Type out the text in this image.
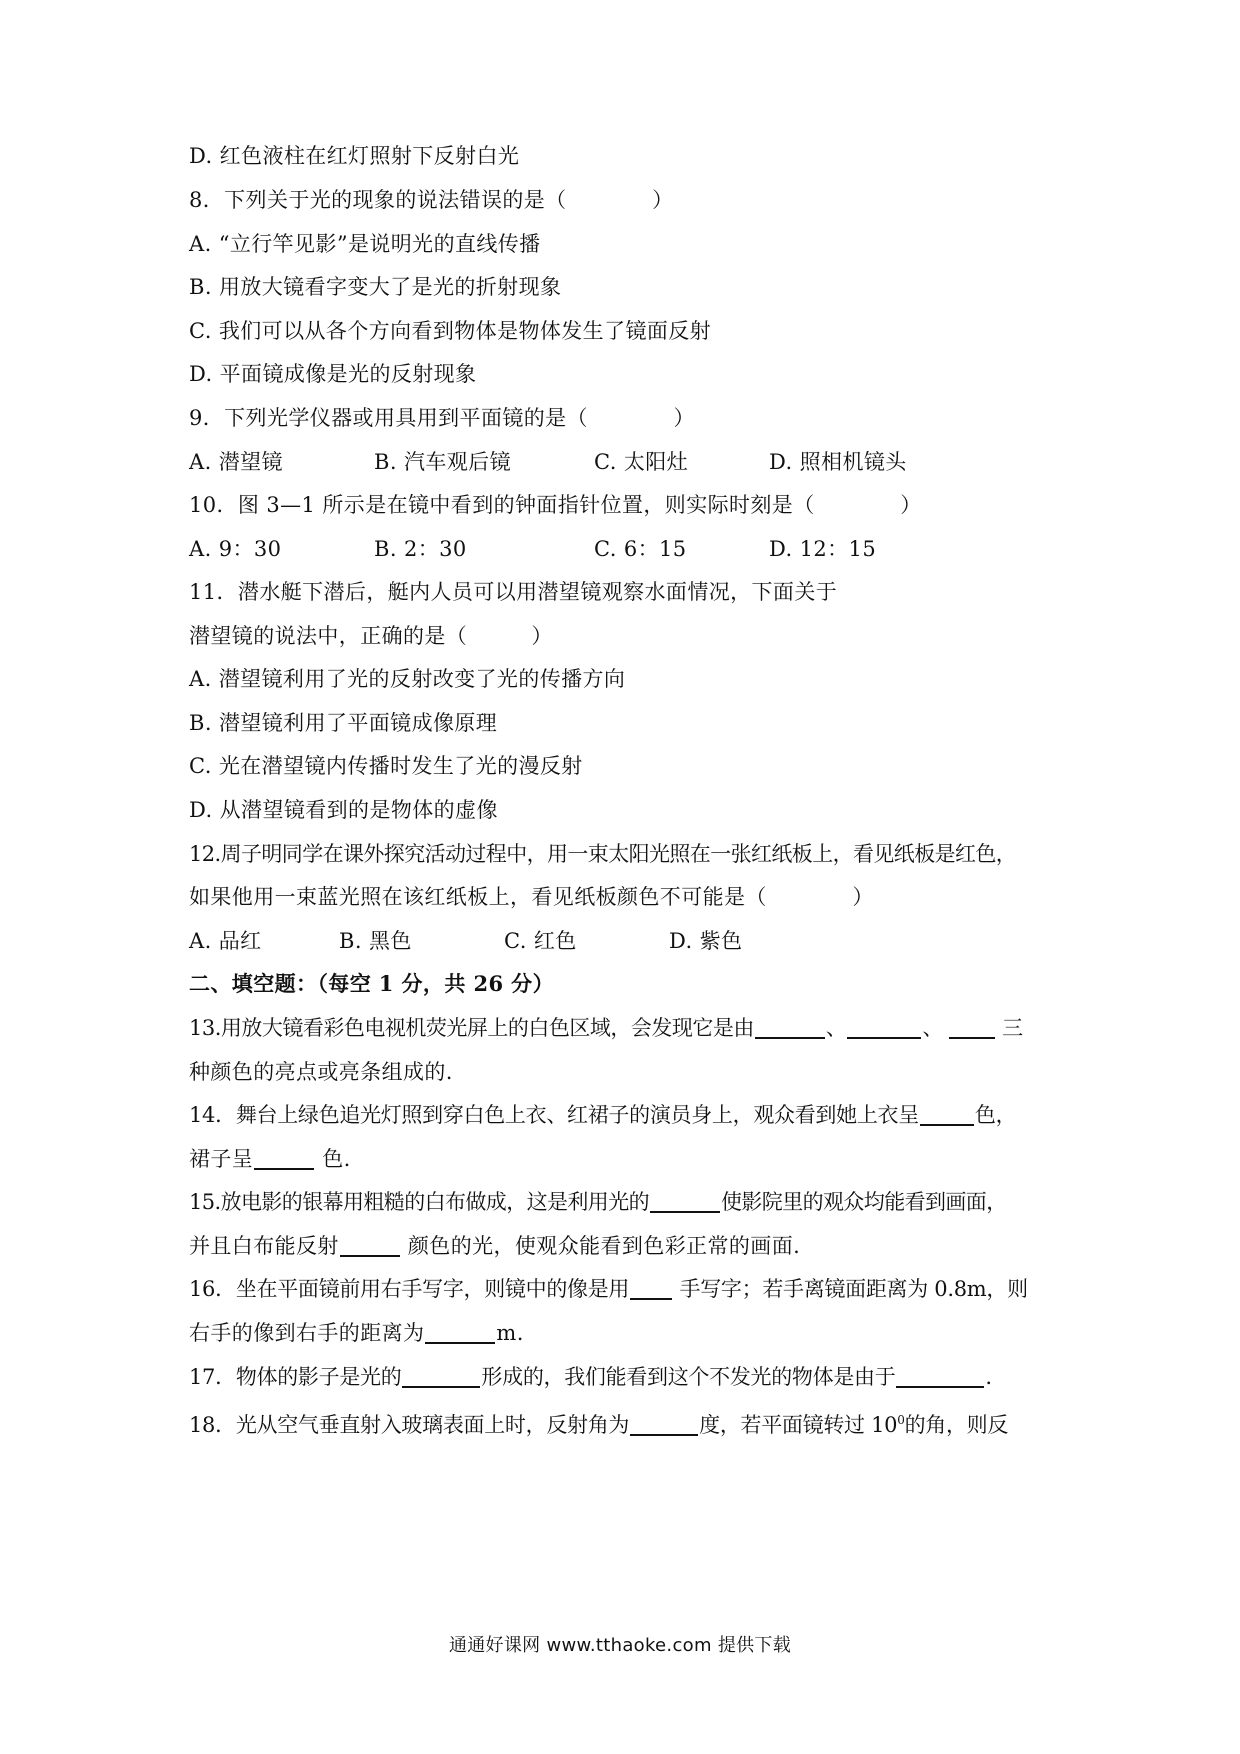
D. 红色液柱在红灯照射下反射白光
8．下列关于光的现象的说法错误的是（　　　　）
A. “立行竿见影”是说明光的直线传播
B. 用放大镜看字变大了是光的折射现象
C. 我们可以从各个方向看到物体是物体发生了镜面反射
D. 平面镜成像是光的反射现象
9．下列光学仪器或用具用到平面镜的是（　　　　）
A. 潜望镜	B. 汽车观后镜	C. 太阳灶	D. 照相机镜头
10．图 3—1 所示是在镜中看到的钟面指针位置，则实际时刻是（　　　　）
A. 9：30	B. 2：30	C. 6：15	D. 12：15
11．潜水艇下潜后，艇内人员可以用潜望镜观察水面情况，下面关于
潜望镜的说法中，正确的是（　　　）
A. 潜望镜利用了光的反射改变了光的传播方向
B. 潜望镜利用了平面镜成像原理
C. 光在潜望镜内传播时发生了光的漫反射
D. 从潜望镜看到的是物体的虚像
12.周子明同学在课外探究活动过程中，用一束太阳光照在一张红纸板上，看见纸板是红色，
如果他用一束蓝光照在该红纸板上，看见纸板颜色不可能是（　　　　）
A. 品红	B. 黑色	C. 红色	D. 紫色
二、填空题：（每空 1 分，共 26 分）
13.用放大镜看彩色电视机荧光屏上的白色区域，会发现它是由	、	、	三
种颜色的亮点或亮条组成的.
14．舞台上绿色追光灯照到穿白色上衣、红裙子的演员身上，观众看到她上衣呈	色，
裙子呈	色.
15.放电影的银幕用粗糙的白布做成，这是利用光的	使影院里的观众均能看到画面，
并且白布能反射	颜色的光，使观众能看到色彩正常的画面.
16．坐在平面镜前用右手写字，则镜中的像是用 手写字；若手离镜面距离为 0.8m，则
右手的像到右手的距离为	m.
17．物体的影子是光的	形成的，我们能看到这个不发光的物体是由于	.
18．光从空气垂直射入玻璃表面上时，反射角为	度，若平面镜转过 $10^0$的角，则反
通通好课网 www.tthaoke.com 提供下载
